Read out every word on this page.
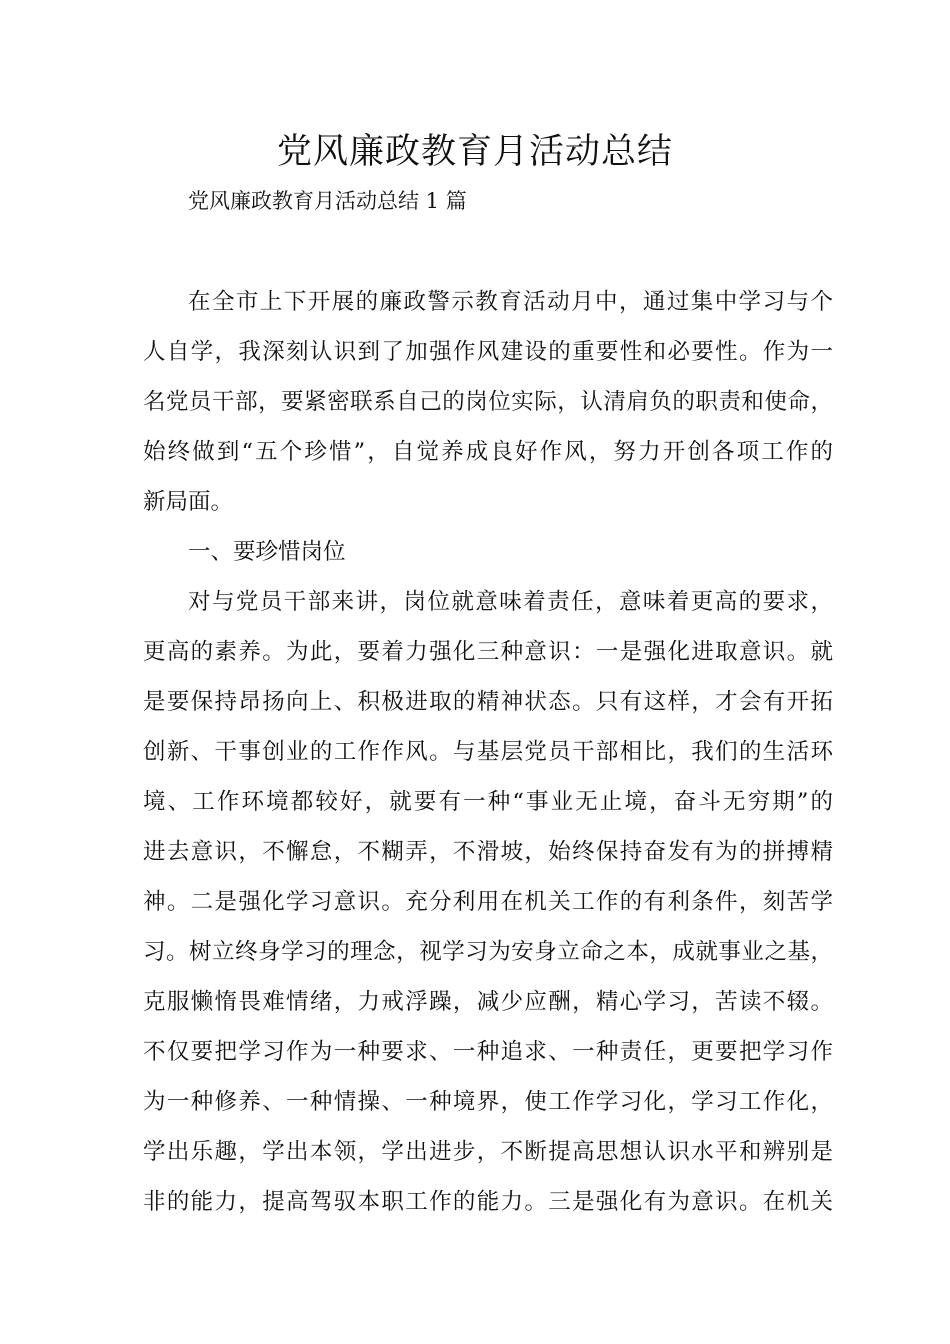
党风廉政教育月活动总结
党风廉政教育月活动总结 1 篇
在全市上下开展的廉政警示教育活动月中，通过集中学习与个
人自学，我深刻认识到了加强作风建设的重要性和必要性。作为一
名党员干部，要紧密联系自己的岗位实际，认清肩负的职责和使命，
始终做到“五个珍惜”，自觉养成良好作风，努力开创各项工作的
新局面。
一、要珍惜岗位
对与党员干部来讲，岗位就意味着责任，意味着更高的要求，
更高的素养。为此，要着力强化三种意识：一是强化进取意识。就
是要保持昂扬向上、积极进取的精神状态。只有这样，才会有开拓
创新、干事创业的工作作风。与基层党员干部相比，我们的生活环
境、工作环境都较好，就要有一种“事业无止境，奋斗无穷期”的
进去意识，不懈怠，不糊弄，不滑坡，始终保持奋发有为的拼搏精
神。二是强化学习意识。充分利用在机关工作的有利条件，刻苦学
习。树立终身学习的理念，视学习为安身立命之本，成就事业之基，
克服懒惰畏难情绪，力戒浮躁，减少应酬，精心学习，苦读不辍。
不仅要把学习作为一种要求、一种追求、一种责任，更要把学习作
为一种修养、一种情操、一种境界，使工作学习化，学习工作化，
学出乐趣，学出本领，学出进步，不断提高思想认识水平和辨别是
非的能力，提高驾驭本职工作的能力。三是强化有为意识。在机关
